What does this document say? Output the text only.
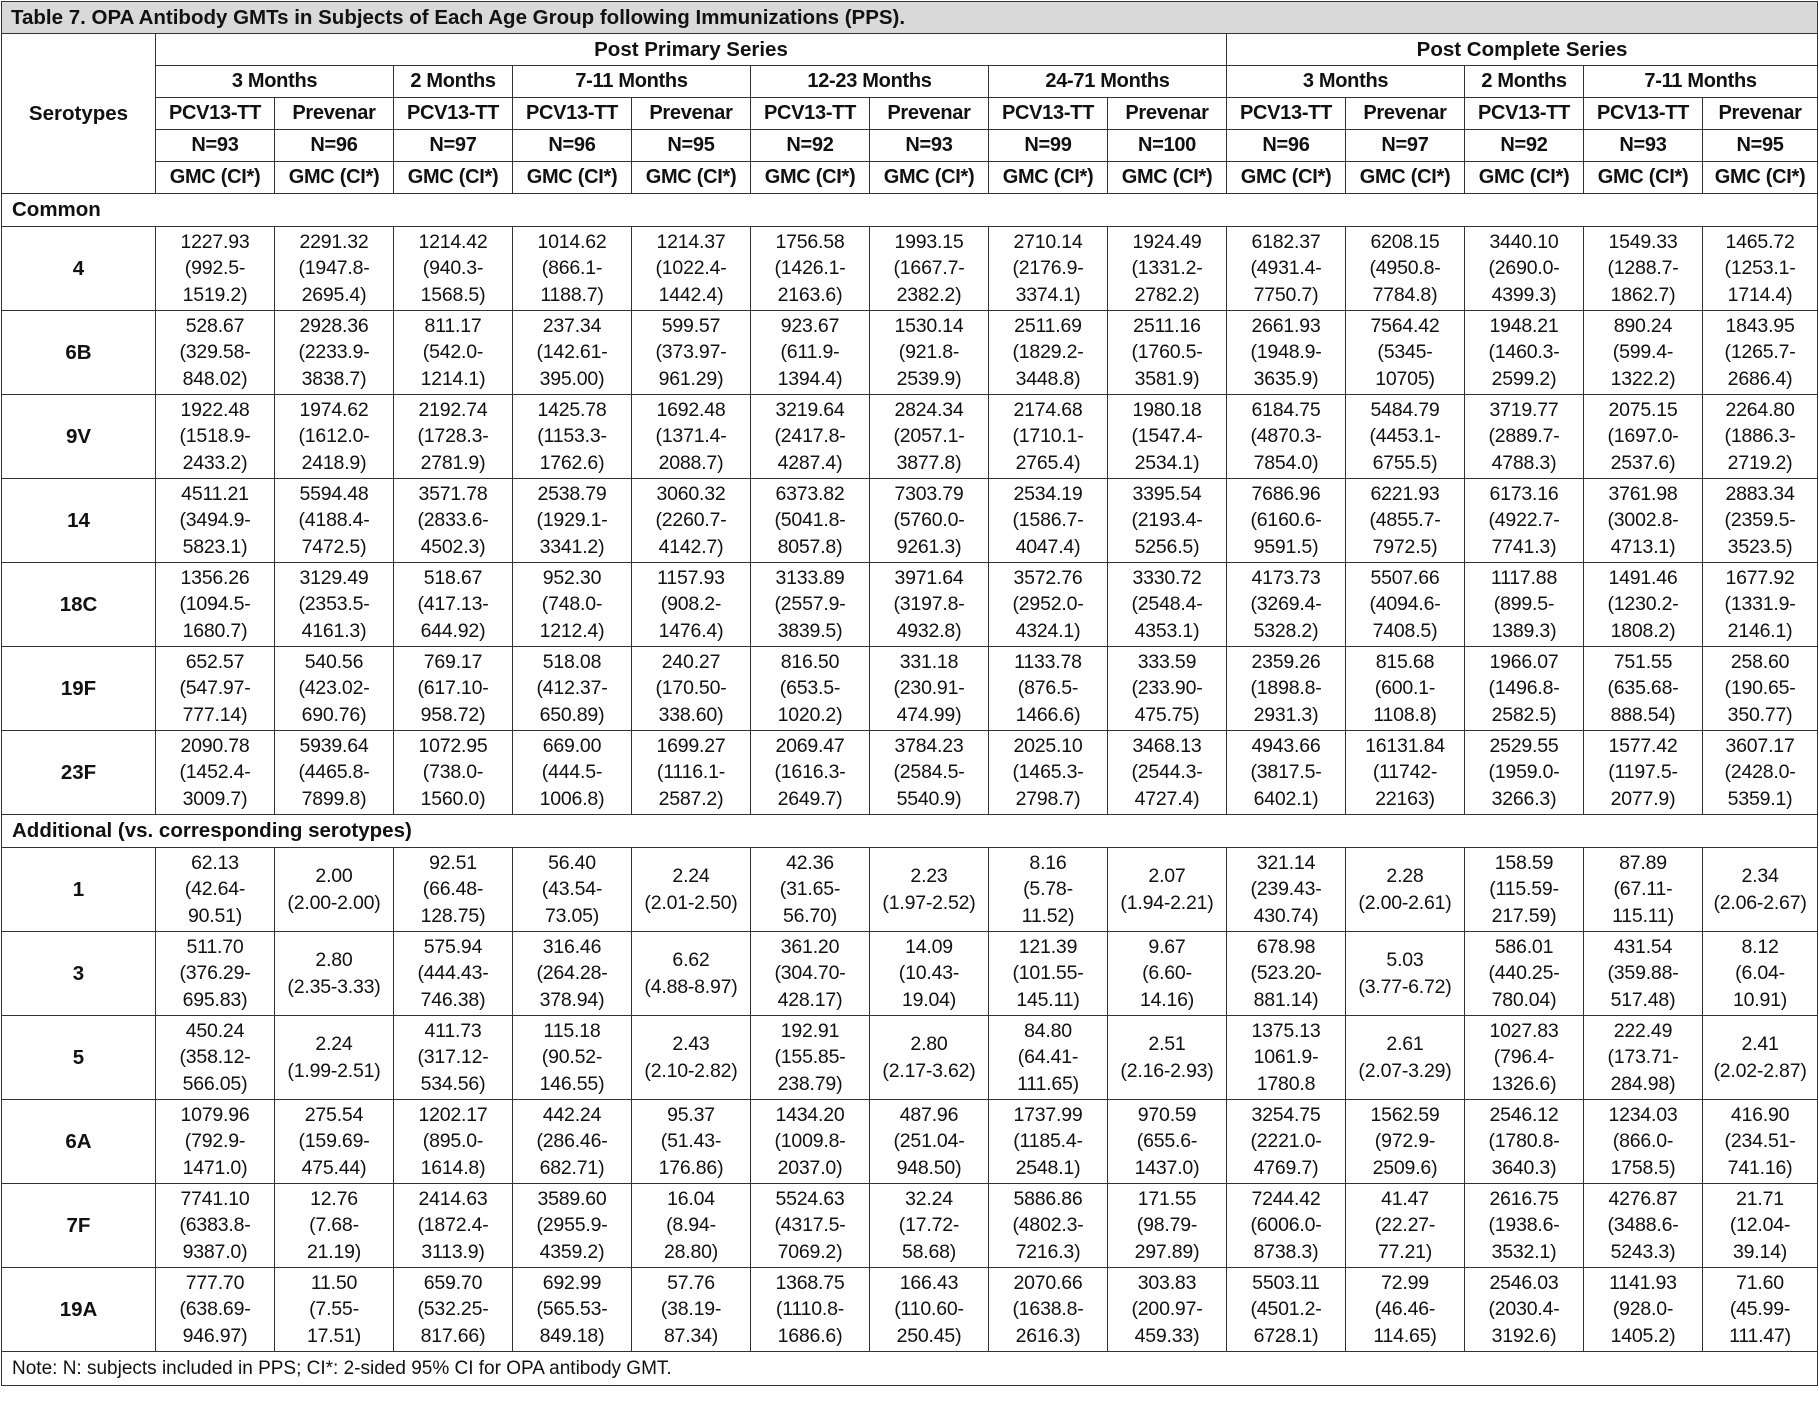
Table 7. OPA Antibody GMTs in Subjects of Each Age Group following Immunizations (PPS).														
Serotypes	Post Primary Series									Post Complete Series				
	3 Months		2 Months	7-11 Months		12-23 Months		24-71 Months		3 Months		2 Months	7-11 Months	
	PCV13-TT	Prevenar	PCV13-TT	PCV13-TT	Prevenar	PCV13-TT	Prevenar	PCV13-TT	Prevenar	PCV13-TT	Prevenar	PCV13-TT	PCV13-TT	Prevenar
	N=93	N=96	N=97	N=96	N=95	N=92	N=93	N=99	N=100	N=96	N=97	N=92	N=93	N=95
	GMC (CI*)	GMC (CI*)	GMC (CI*)	GMC (CI*)	GMC (CI*)	GMC (CI*)	GMC (CI*)	GMC (CI*)	GMC (CI*)	GMC (CI*)	GMC (CI*)	GMC (CI*)	GMC (CI*)	GMC (CI*)
Common														
4	1227.93
(992.5-
1519.2)	2291.32
(1947.8-
2695.4)	1214.42
(940.3-
1568.5)	1014.62
(866.1-
1188.7)	1214.37
(1022.4-
1442.4)	1756.58
(1426.1-
2163.6)	1993.15
(1667.7-
2382.2)	2710.14
(2176.9-
3374.1)	1924.49
(1331.2-
2782.2)	6182.37
(4931.4-
7750.7)	6208.15
(4950.8-
7784.8)	3440.10
(2690.0-
4399.3)	1549.33
(1288.7-
1862.7)	1465.72
(1253.1-
1714.4)

6B	528.67
(329.58-
848.02)	2928.36
(2233.9-
3838.7)	811.17
(542.0-
1214.1)	237.34
(142.61-
395.00)	599.57
(373.97-
961.29)	923.67
(611.9-
1394.4)	1530.14
(921.8-
2539.9)	2511.69
(1829.2-
3448.8)	2511.16
(1760.5-
3581.9)	2661.93
(1948.9-
3635.9)	7564.42
(5345-
10705)	1948.21
(1460.3-
2599.2)	890.24
(599.4-
1322.2)	1843.95
(1265.7-
2686.4)

9V	1922.48
(1518.9-
2433.2)	1974.62
(1612.0-
2418.9)	2192.74
(1728.3-
2781.9)	1425.78
(1153.3-
1762.6)	1692.48
(1371.4-
2088.7)	3219.64
(2417.8-
4287.4)	2824.34
(2057.1-
3877.8)	2174.68
(1710.1-
2765.4)	1980.18
(1547.4-
2534.1)	6184.75
(4870.3-
7854.0)	5484.79
(4453.1-
6755.5)	3719.77
(2889.7-
4788.3)	2075.15
(1697.0-
2537.6)	2264.80
(1886.3-
2719.2)

14	4511.21
(3494.9-
5823.1)	5594.48
(4188.4-
7472.5)	3571.78
(2833.6-
4502.3)	2538.79
(1929.1-
3341.2)	3060.32
(2260.7-
4142.7)	6373.82
(5041.8-
8057.8)	7303.79
(5760.0-
9261.3)	2534.19
(1586.7-
4047.4)	3395.54
(2193.4-
5256.5)	7686.96
(6160.6-
9591.5)	6221.93
(4855.7-
7972.5)	6173.16
(4922.7-
7741.3)	3761.98
(3002.8-
4713.1)	2883.34
(2359.5-
3523.5)

18C	1356.26
(1094.5-
1680.7)	3129.49
(2353.5-
4161.3)	518.67
(417.13-
644.92)	952.30
(748.0-
1212.4)	1157.93
(908.2-
1476.4)	3133.89
(2557.9-
3839.5)	3971.64
(3197.8-
4932.8)	3572.76
(2952.0-
4324.1)	3330.72
(2548.4-
4353.1)	4173.73
(3269.4-
5328.2)	5507.66
(4094.6-
7408.5)	1117.88
(899.5-
1389.3)	1491.46
(1230.2-
1808.2)	1677.92
(1331.9-
2146.1)

19F	652.57
(547.97-
777.14)	540.56
(423.02-
690.76)	769.17
(617.10-
958.72)	518.08
(412.37-
650.89)	240.27
(170.50-
338.60)	816.50
(653.5-
1020.2)	331.18
(230.91-
474.99)	1133.78
(876.5-
1466.6)	333.59
(233.90-
475.75)	2359.26
(1898.8-
2931.3)	815.68
(600.1-
1108.8)	1966.07
(1496.8-
2582.5)	751.55
(635.68-
888.54)	258.60
(190.65-
350.77)

23F	2090.78
(1452.4-
3009.7)	5939.64
(4465.8-
7899.8)	1072.95
(738.0-
1560.0)	669.00
(444.5-
1006.8)	1699.27
(1116.1-
2587.2)	2069.47
(1616.3-
2649.7)	3784.23
(2584.5-
5540.9)	2025.10
(1465.3-
2798.7)	3468.13
(2544.3-
4727.4)	4943.66
(3817.5-
6402.1)	16131.84
(11742-
22163)	2529.55
(1959.0-
3266.3)	1577.42
(1197.5-
2077.9)	3607.17
(2428.0-
5359.1)

Additional (vs. corresponding serotypes)														
1	62.13
(42.64-
90.51)	2.00
(2.00-2.00)	92.51
(66.48-
128.75)	56.40
(43.54-
73.05)	2.24
(2.01-2.50)	42.36
(31.65-
56.70)	2.23
(1.97-2.52)	8.16
(5.78-
11.52)	2.07
(1.94-2.21)	321.14
(239.43-
430.74)	2.28
(2.00-2.61)	158.59
(115.59-
217.59)	87.89
(67.11-
115.11)	2.34
(2.06-2.67)

3	511.70
(376.29-
695.83)	2.80
(2.35-3.33)	575.94
(444.43-
746.38)	316.46
(264.28-
378.94)	6.62
(4.88-8.97)	361.20
(304.70-
428.17)	14.09
(10.43-
19.04)	121.39
(101.55-
145.11)	9.67
(6.60-
14.16)	678.98
(523.20-
881.14)	5.03
(3.77-6.72)	586.01
(440.25-
780.04)	431.54
(359.88-
517.48)	8.12
(6.04-
10.91)

5	450.24
(358.12-
566.05)	2.24
(1.99-2.51)	411.73
(317.12-
534.56)	115.18
(90.52-
146.55)	2.43
(2.10-2.82)	192.91
(155.85-
238.79)	2.80
(2.17-3.62)	84.80
(64.41-
111.65)	2.51
(2.16-2.93)	1375.13
1061.9-
1780.8	2.61
(2.07-3.29)	1027.83
(796.4-
1326.6)	222.49
(173.71-
284.98)	2.41
(2.02-2.87)

6A	1079.96
(792.9-
1471.0)	275.54
(159.69-
475.44)	1202.17
(895.0-
1614.8)	442.24
(286.46-
682.71)	95.37
(51.43-
176.86)	1434.20
(1009.8-
2037.0)	487.96
(251.04-
948.50)	1737.99
(1185.4-
2548.1)	970.59
(655.6-
1437.0)	3254.75
(2221.0-
4769.7)	1562.59
(972.9-
2509.6)	2546.12
(1780.8-
3640.3)	1234.03
(866.0-
1758.5)	416.90
(234.51-
741.16)

7F	7741.10
(6383.8-
9387.0)	12.76
(7.68-
21.19)	2414.63
(1872.4-
3113.9)	3589.60
(2955.9-
4359.2)	16.04
(8.94-
28.80)	5524.63
(4317.5-
7069.2)	32.24
(17.72-
58.68)	5886.86
(4802.3-
7216.3)	171.55
(98.79-
297.89)	7244.42
(6006.0-
8738.3)	41.47
(22.27-
77.21)	2616.75
(1938.6-
3532.1)	4276.87
(3488.6-
5243.3)	21.71
(12.04-
39.14)

19A	777.70
(638.69-
946.97)	11.50
(7.55-
17.51)	659.70
(532.25-
817.66)	692.99
(565.53-
849.18)	57.76
(38.19-
87.34)	1368.75
(1110.8-
1686.6)	166.43
(110.60-
250.45)	2070.66
(1638.8-
2616.3)	303.83
(200.97-
459.33)	5503.11
(4501.2-
6728.1)	72.99
(46.46-
114.65)	2546.03
(2030.4-
3192.6)	1141.93
(928.0-
1405.2)	71.60
(45.99-
111.47)

Note: N: subjects included in PPS; CI*: 2-sided 95% CI for OPA antibody GMT.														
